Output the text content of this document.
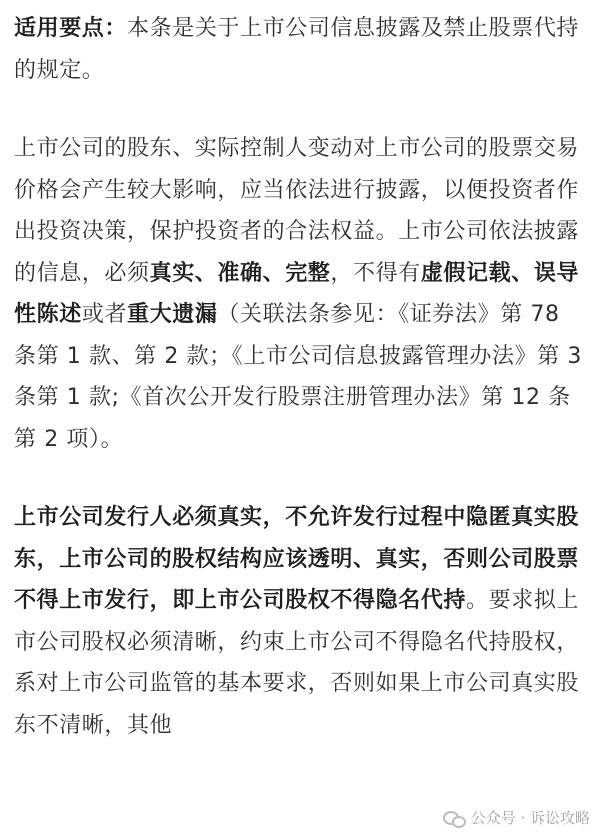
适用要点：本条是关于上市公司信息披露及禁止股票代持的规定。

上市公司的股东、实际控制人变动对上市公司的股票交易价格会产生较大影响，应当依法进行披露，以便投资者作出投资决策，保护投资者的合法权益。上市公司依法披露的信息，必须真实、准确、完整，不得有虚假记载、误导性陈述或者重大遗漏（关联法条参见：《证券法》第 78 条第 1 款、第 2 款；《上市公司信息披露管理办法》第 3 条第 1 款;《首次公开发行股票注册管理办法》第 12 条第 2 项）。

上市公司发行人必须真实，不允许发行过程中隐匿真实股东，上市公司的股权结构应该透明、真实，否则公司股票不得上市发行，即上市公司股权不得隐名代持。要求拟上市公司股权必须清晰，约束上市公司不得隐名代持股权，系对上市公司监管的基本要求，否则如果上市公司真实股东不清晰，其他

公众号 · 诉讼攻略
